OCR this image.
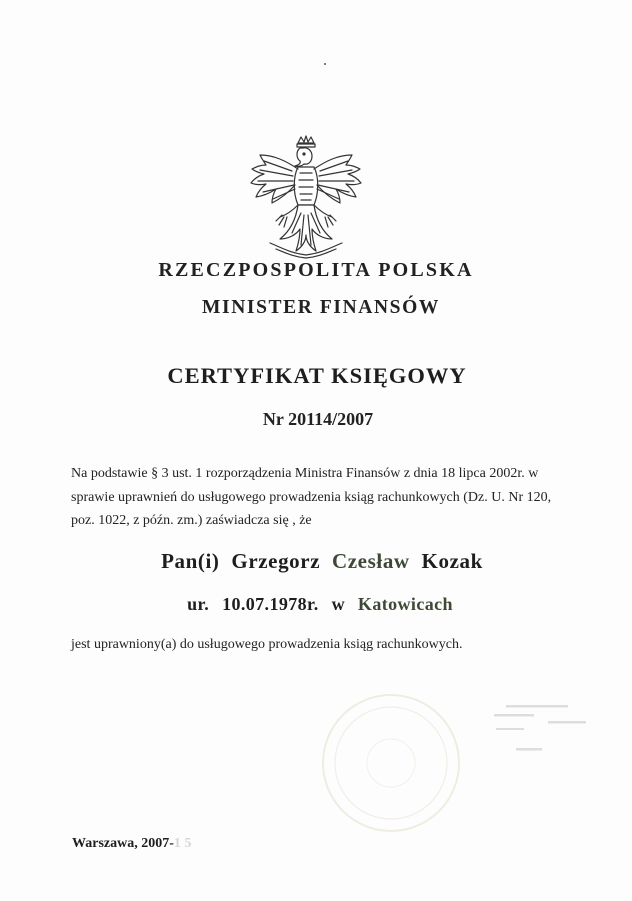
RZECZPOSPOLITA POLSKA
MINISTER FINANSÓW
CERTYFIKAT KSIĘGOWY
Nr 20114/2007
Na podstawie § 3 ust. 1 rozporządzenia Ministra Finansów z dnia 18 lipca 2002r. w
sprawie uprawnień do usługowego prowadzenia ksiąg rachunkowych (Dz. U. Nr 120,
poz. 1022, z późn. zm.) zaświadcza się , że
Pan(i) Grzegorz Czesław Kozak
ur. 10.07.1978r. w Katowicach
jest uprawniony(a) do usługowego prowadzenia ksiąg rachunkowych.
Warszawa, 2007-1 5
